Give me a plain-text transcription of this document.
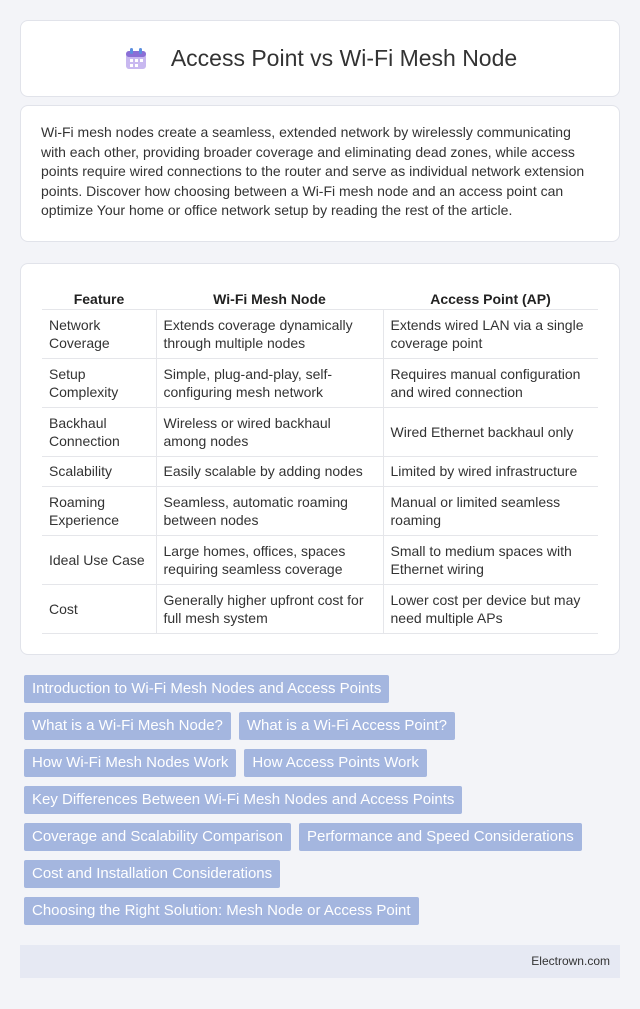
Access Point vs Wi-Fi Mesh Node

Wi-Fi mesh nodes create a seamless, extended network by wirelessly communicating with each other, providing broader coverage and eliminating dead zones, while access points require wired connections to the router and serve as individual network extension points. Discover how choosing between a Wi-Fi mesh node and an access point can optimize Your home or office network setup by reading the rest of the article.

Feature	Wi-Fi Mesh Node	Access Point (AP)
Network Coverage	Extends coverage dynamically through multiple nodes	Extends wired LAN via a single coverage point
Setup Complexity	Simple, plug-and-play, self-configuring mesh network	Requires manual configuration and wired connection
Backhaul Connection	Wireless or wired backhaul among nodes	Wired Ethernet backhaul only
Scalability	Easily scalable by adding nodes	Limited by wired infrastructure
Roaming Experience	Seamless, automatic roaming between nodes	Manual or limited seamless roaming
Ideal Use Case	Large homes, offices, spaces requiring seamless coverage	Small to medium spaces with Ethernet wiring
Cost	Generally higher upfront cost for full mesh system	Lower cost per device but may need multiple APs
Introduction to Wi-Fi Mesh Nodes and Access Points
What is a Wi-Fi Mesh Node?	What is a Wi-Fi Access Point?
How Wi-Fi Mesh Nodes Work	How Access Points Work
Key Differences Between Wi-Fi Mesh Nodes and Access Points
Coverage and Scalability Comparison	Performance and Speed Considerations
Cost and Installation Considerations
Choosing the Right Solution: Mesh Node or Access Point
Electrown.com
